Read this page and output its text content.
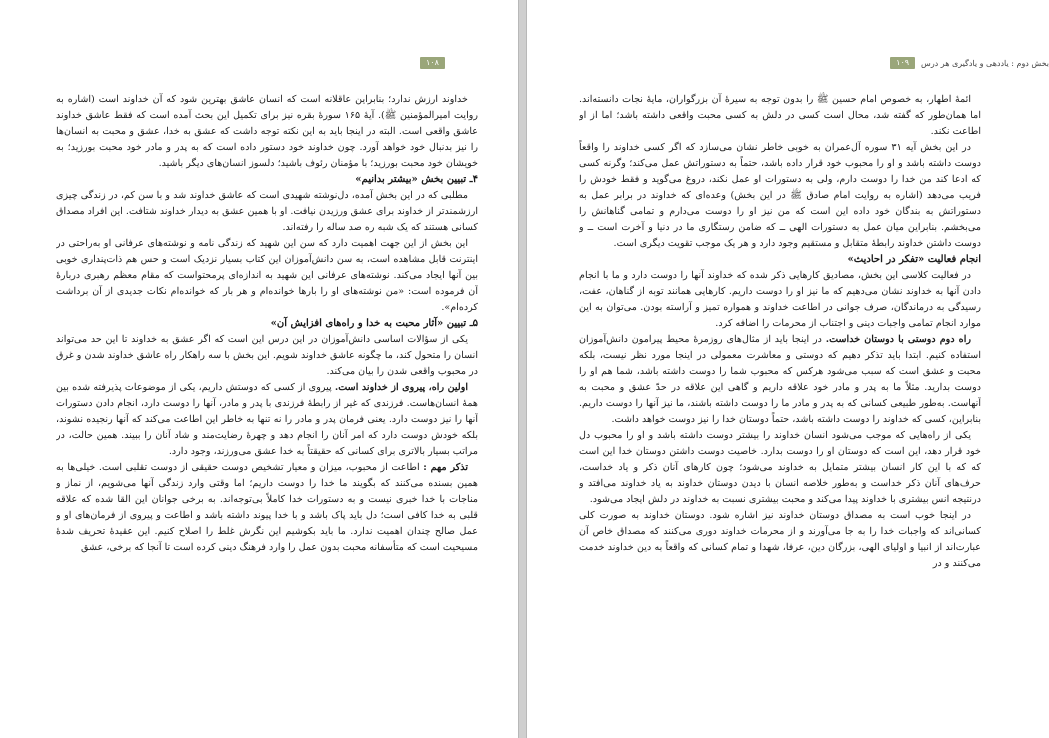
۱۰۸

خداوند ارزش ندارد؛ بنابراین عاقلانه است که انسان عاشق بهترین شود که آن خداوند است (اشاره به روایت امیرالمؤمنین ﷺ). آیهٔ ۱۶۵ سورهٔ بقره نیز برای تکمیل این بحث آمده است که فقط عاشق خداوند عاشق واقعی است. البته در اینجا باید به این نکته توجه داشت که عشق به خدا، عشق و محبت به انسان‌ها را نیز بدنبال خود خواهد آورد. چون خداوند خود دستور داده است که به پدر و مادر خود محبت بورزید؛ به خویشان خود محبت بورزید؛ با مؤمنان رئوف باشید؛ دلسوز انسان‌های دیگر باشید.

۴ـ تبیین بخش «بیشتر بدانیم»

مطلبی که در این بخش آمده، دل‌نوشته شهیدی است که عاشق خداوند شد و با سن کم، در زندگی چیزی ارزشمندتر از خداوند برای عشق ورزیدن نیافت. او با همین عشق به دیدار خداوند شتافت. این افراد مصداق کسانی هستند که یک شبه ره صد ساله را رفته‌اند.

این بخش از این جهت اهمیت دارد که سن این شهید که زندگی نامه و نوشته‌های عرفانی او به‌راحتی در اینترنت قابل مشاهده است، به سن دانش‌آموزان این کتاب بسیار نزدیک است و حس هم ذات‌پنداری خوبی بین آنها ایجاد می‌کند. نوشته‌های عرفانی این شهید به اندازه‌ای پرمحتواست که مقام معظم رهبری دربارهٔ آن فرموده است: «من نوشته‌های او را بارها خوانده‌ام و هر بار که خوانده‌ام نکات جدیدی از آن برداشت کرده‌ام».

۵ـ تبیین «آثار محبت به خدا و راه‌های افزایش آن»

یکی از سؤالات اساسی دانش‌آموزان در این درس این است که اگر عشق به خداوند تا این حد می‌تواند انسان را متحول کند، ما چگونه عاشق خداوند شویم. این بخش با سه راهکار راه عاشق خداوند شدن و غرق در محبوب واقعی شدن را بیان می‌کند.

اولین راه، پیروی از خداوند است. پیروی از کسی که دوستش داریم، یکی از موضوعات پذیرفته شده بین همهٔ انسان‌هاست. فرزندی که غیر از رابطهٔ فرزندی با پدر و مادر، آنها را دوست دارد، انجام دادن دستورات آنها را نیز دوست دارد. یعنی فرمان پدر و مادر را نه تنها به خاطر این اطاعت می‌کند که آنها رنجیده نشوند، بلکه خودش دوست دارد که امر آنان را انجام دهد و چهرهٔ رضایت‌مند و شاد آنان را ببیند. همین حالت، در مراتب بسیار بالاتری برای کسانی که حقیقتاً به خدا عشق می‌ورزند، وجود دارد.

تذکر مهم : اطاعت از محبوب، میزان و معیار تشخیص دوست حقیقی از دوست تقلبی است. خیلی‌ها به همین بسنده می‌کنند که بگویند ما خدا را دوست داریم؛ اما وقتی وارد زندگی آنها می‌شویم، از نماز و مناجات با خدا خبری نیست و به دستورات خدا کاملاً بی‌توجه‌اند. به برخی جوانان این القا شده که علاقه قلبی به خدا کافی است؛ دل باید پاک باشد و با خدا پیوند داشته باشد و اطاعت و پیروی از فرمان‌های او و عمل صالح چندان اهمیت ندارد. ما باید بکوشیم این نگرش غلط را اصلاح کنیم. این عقیدهٔ تحریف شدهٔ مسیحیت است که متأسفانه محبت بدون عمل را وارد فرهنگ دینی کرده است تا آنجا که برخی، عشق

بخش دوم : یاددهی و یادگیری هر درس
۱۰۹

ائمهٔ اطهار، به خصوص امام حسین ﷺ را بدون توجه به سیرهٔ آن بزرگواران، مایهٔ نجات دانسته‌اند. اما همان‌طور که گفته شد، محال است کسی در دلش به کسی محبت واقعی داشته باشد؛ اما از او اطاعت نکند.

در این بخش آیه ۳۱ سوره آل‌عمران به خوبی خاطر نشان می‌سازد که اگر کسی خداوند را واقعاً دوست داشته باشد و او را محبوب خود قرار داده باشد، حتماً به دستوراتش عمل می‌کند؛ وگرنه کسی که ادعا کند من خدا را دوست دارم، ولی به دستورات او عمل نکند، دروغ می‌گوید و فقط خودش را فریب می‌دهد (اشاره به روایت امام صادق ﷺ در این بخش) وعده‌ای که خداوند در برابر عمل به دستوراتش به بندگان خود داده این است که من نیز او را دوست می‌دارم و تمامی گناهانش را می‌بخشم. بنابراین میان عمل به دستورات الهی ــ که ضامن رستگاری ما در دنیا و آخرت است ــ و دوست داشتن خداوند رابطهٔ متقابل و مستقیم وجود دارد و هر یک موجب تقویت دیگری است.

انجام فعالیت «تفکر در احادیث»

در فعالیت کلاسی این بخش، مصادیق کارهایی ذکر شده که خداوند آنها را دوست دارد و ما با انجام دادن آنها به خداوند نشان می‌دهیم که ما نیز او را دوست داریم. کارهایی همانند توبه از گناهان، عفت، رسیدگی به درماندگان، صرف جوانی در اطاعت خداوند و همواره تمیز و آراسته بودن. می‌توان به این موارد انجام تمامی واجبات دینی و اجتناب از محرمات را اضافه کرد.

راه دوم دوستی با دوستان خداست. در اینجا باید از مثال‌های روزمرهٔ محیط پیرامون دانش‌آموزان استفاده کنیم. ابتدا باید تذکر دهیم که دوستی و معاشرت معمولی در اینجا مورد نظر نیست، بلکه محبت و عشق است که سبب می‌شود هرکس که محبوب شما را دوست داشته باشد، شما هم او را دوست بدارید. مثلاً ما به پدر و مادر خود علاقه داریم و گاهی این علاقه در حدّ عشق و محبت به آنهاست. به‌طور طبیعی کسانی که به پدر و مادر ما را دوست داشته باشند، ما نیز آنها را دوست داریم. بنابراین، کسی که خداوند را دوست داشته باشد، حتماً دوستان خدا را نیز دوست خواهد داشت.

یکی از راه‌هایی که موجب می‌شود انسان خداوند را بیشتر دوست داشته باشد و او را محبوب دل خود قرار دهد، این است که دوستان او را دوست بدارد. خاصیت دوست داشتن دوستان خدا این است که که با این کار انسان بیشتر متمایل به خداوند می‌شود؛ چون کارهای آنان ذکر و یاد خداست، حرف‌های آنان ذکر خداست و به‌طور خلاصه انسان با دیدن دوستان خداوند به یاد خداوند می‌افتد و درنتیجه انس بیشتری با خداوند پیدا می‌کند و محبت بیشتری نسبت به خداوند در دلش ایجاد می‌شود.

در اینجا خوب است به مصداق دوستان خداوند نیز اشاره شود. دوستان خداوند به صورت کلی کسانی‌اند که واجبات خدا را به جا می‌آورند و از محرمات خداوند دوری می‌کنند که مصداق خاص آن عبارت‌اند از انبیا و اولیای الهی، بزرگان دین، عرفا، شهدا و تمام کسانی که واقعاً به دین خداوند خدمت می‌کنند و در
